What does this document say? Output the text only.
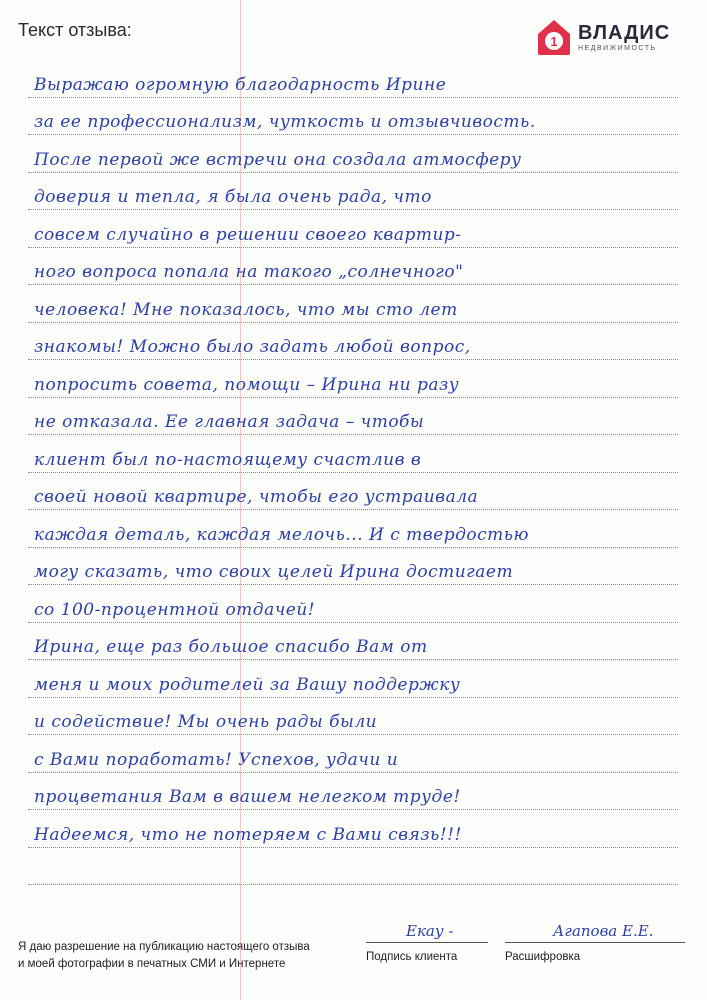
Текст отзыва:
1 ВЛАДИС
НЕДВИЖИМОСТЬ
Выражаю огромную благодарность Ирине
за ее профессионализм, чуткость и отзывчивость.
После первой же встречи она создала атмосферу
доверия и тепла, я была очень рада, что
совсем случайно в решении своего квартир-
ного вопроса попала на такого „солнечного"
человека! Мне показалось, что мы сто лет
знакомы! Можно было задать любой вопрос,
попросить совета, помощи – Ирина ни разу
не отказала. Ее главная задача – чтобы
клиент был по-настоящему счастлив в
своей новой квартире, чтобы его устраивала
каждая деталь, каждая мелочь... И с твердостью
могу сказать, что своих целей Ирина достигает
со 100-процентной отдачей!
Ирина, еще раз большое спасибо Вам от
меня и моих родителей за Вашу поддержку
и содействие! Мы очень рады были
с Вами поработать! Успехов, удачи и
процветания Вам в вашем нелегком труде!
Надеемся, что не потеряем с Вами связь!!!
Я даю разрешение на публикацию настоящего отзыва
и моей фотографии в печатных СМИ и Интернете
Екау -
Подпись клиента
Агапова Е.Е.
Расшифровка
